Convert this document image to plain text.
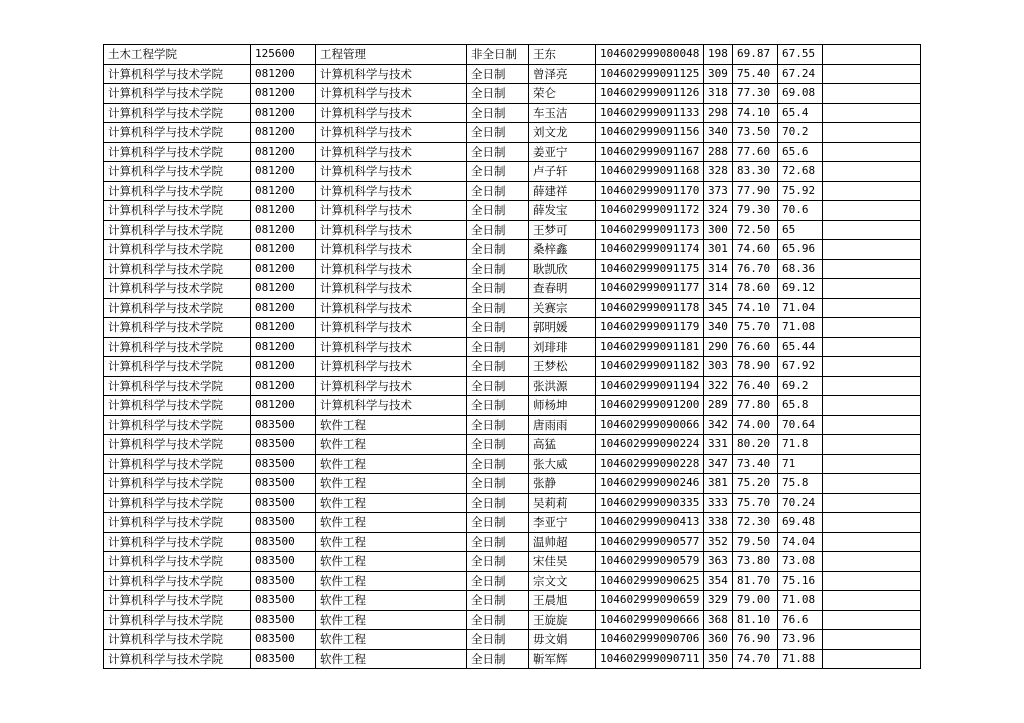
土木工程学院	125600	工程管理	非全日制	王东	104602999080048	198	69.87	67.55	
计算机科学与技术学院	081200	计算机科学与技术	全日制	曾泽亮	104602999091125	309	75.40	67.24	
计算机科学与技术学院	081200	计算机科学与技术	全日制	荣仑	104602999091126	318	77.30	69.08	
计算机科学与技术学院	081200	计算机科学与技术	全日制	车玉洁	104602999091133	298	74.10	65.4	
计算机科学与技术学院	081200	计算机科学与技术	全日制	刘文龙	104602999091156	340	73.50	70.2	
计算机科学与技术学院	081200	计算机科学与技术	全日制	姜亚宁	104602999091167	288	77.60	65.6	
计算机科学与技术学院	081200	计算机科学与技术	全日制	卢子轩	104602999091168	328	83.30	72.68	
计算机科学与技术学院	081200	计算机科学与技术	全日制	薛建祥	104602999091170	373	77.90	75.92	
计算机科学与技术学院	081200	计算机科学与技术	全日制	薛发宝	104602999091172	324	79.30	70.6	
计算机科学与技术学院	081200	计算机科学与技术	全日制	王梦可	104602999091173	300	72.50	65	
计算机科学与技术学院	081200	计算机科学与技术	全日制	桑梓鑫	104602999091174	301	74.60	65.96	
计算机科学与技术学院	081200	计算机科学与技术	全日制	耿凯欣	104602999091175	314	76.70	68.36	
计算机科学与技术学院	081200	计算机科学与技术	全日制	查春明	104602999091177	314	78.60	69.12	
计算机科学与技术学院	081200	计算机科学与技术	全日制	关赛宗	104602999091178	345	74.10	71.04	
计算机科学与技术学院	081200	计算机科学与技术	全日制	郭明媛	104602999091179	340	75.70	71.08	
计算机科学与技术学院	081200	计算机科学与技术	全日制	刘琲琲	104602999091181	290	76.60	65.44	
计算机科学与技术学院	081200	计算机科学与技术	全日制	王梦松	104602999091182	303	78.90	67.92	
计算机科学与技术学院	081200	计算机科学与技术	全日制	张洪源	104602999091194	322	76.40	69.2	
计算机科学与技术学院	081200	计算机科学与技术	全日制	师杨坤	104602999091200	289	77.80	65.8	
计算机科学与技术学院	083500	软件工程	全日制	唐雨雨	104602999090066	342	74.00	70.64	
计算机科学与技术学院	083500	软件工程	全日制	高猛	104602999090224	331	80.20	71.8	
计算机科学与技术学院	083500	软件工程	全日制	张大威	104602999090228	347	73.40	71	
计算机科学与技术学院	083500	软件工程	全日制	张静	104602999090246	381	75.20	75.8	
计算机科学与技术学院	083500	软件工程	全日制	吴莉莉	104602999090335	333	75.70	70.24	
计算机科学与技术学院	083500	软件工程	全日制	李亚宁	104602999090413	338	72.30	69.48	
计算机科学与技术学院	083500	软件工程	全日制	温帅超	104602999090577	352	79.50	74.04	
计算机科学与技术学院	083500	软件工程	全日制	宋佳昊	104602999090579	363	73.80	73.08	
计算机科学与技术学院	083500	软件工程	全日制	宗文文	104602999090625	354	81.70	75.16	
计算机科学与技术学院	083500	软件工程	全日制	王晨旭	104602999090659	329	79.00	71.08	
计算机科学与技术学院	083500	软件工程	全日制	王旋旋	104602999090666	368	81.10	76.6	
计算机科学与技术学院	083500	软件工程	全日制	毋文娟	104602999090706	360	76.90	73.96	
计算机科学与技术学院	083500	软件工程	全日制	靳军辉	104602999090711	350	74.70	71.88	
